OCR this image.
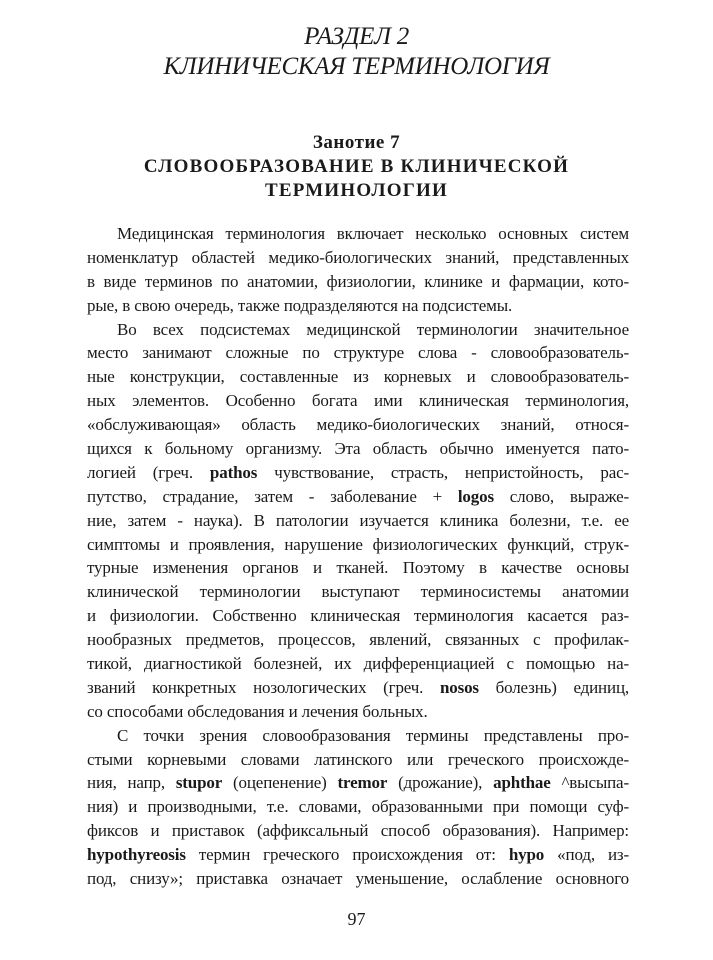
РАЗДЕЛ 2
КЛИНИЧЕСКАЯ ТЕРМИНОЛОГИЯ
Занотие 7
СЛОВООБРАЗОВАНИЕ В КЛИНИЧЕСКОЙ
ТЕРМИНОЛОГИИ
Медицинская терминология включает несколько основных систем
номенклатур областей медико-биологических знаний, представленных
в виде терминов по анатомии, физиологии, клинике и фармации, кото-
рые, в свою очередь, также подразделяются на подсистемы.
Во всех подсистемах медицинской терминологии значительное
место занимают сложные по структуре слова - словообразователь-
ные конструкции, составленные из корневых и словообразователь-
ных элементов. Особенно богата ими клиническая терминология,
«обслуживающая» область медико-биологических знаний, относя-
щихся к больному организму. Эта область обычно именуется пато-
логией (греч. pathos чувствование, страсть, непристойность, рас-
путство, страдание, затем - заболевание + logos слово, выраже-
ние, затем - наука). В патологии изучается клиника болезни, т.е. ее
симптомы и проявления, нарушение физиологических функций, струк-
турные изменения органов и тканей. Поэтому в качестве основы
клинической терминологии выступают терминосистемы анатомии
и физиологии. Собственно клиническая терминология касается раз-
нообразных предметов, процессов, явлений, связанных с профилак-
тикой, диагностикой болезней, их дифференциацией с помощью на-
званий конкретных нозологических (греч. nosos болезнь) единиц,
со способами обследования и лечения больных.
С точки зрения словообразования термины представлены про-
стыми корневыми словами латинского или греческого происхожде-
ния, напр, stupor (оцепенение) tremor (дрожание), aphthae ^высыпа-
ния) и производными, т.е. словами, образованными при помощи суф-
фиксов и приставок (аффиксальный способ образования). Например:
hypothyreosis термин греческого происхождения от: hypo «под, из-
под, снизу»; приставка означает уменьшение, ослабление основного
97
